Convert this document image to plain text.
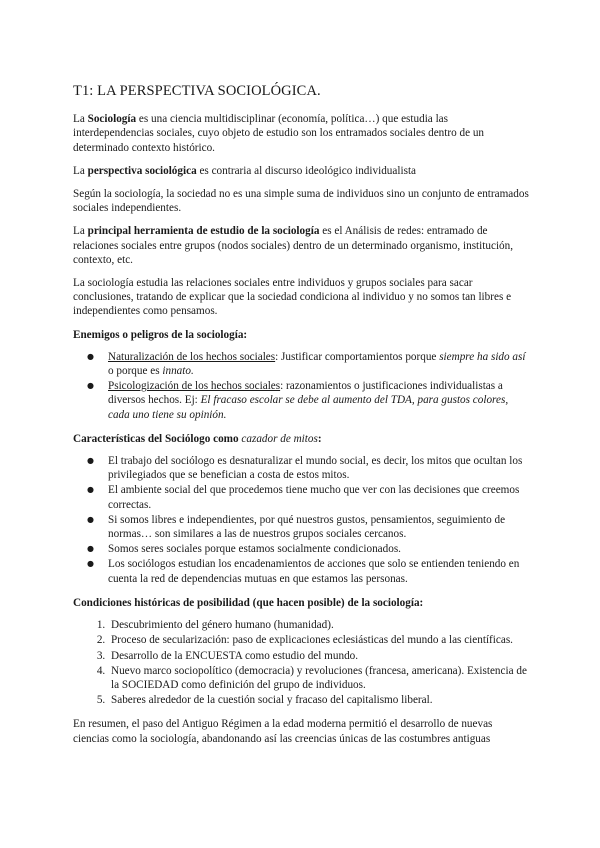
T1: LA PERSPECTIVA SOCIOLÓGICA.

La Sociología es una ciencia multidisciplinar (economía, política…) que estudia las interdependencias sociales, cuyo objeto de estudio son los entramados sociales dentro de un determinado contexto histórico.

La perspectiva sociológica es contraria al discurso ideológico individualista

Según la sociología, la sociedad no es una simple suma de individuos sino un conjunto de entramados sociales independientes.

La principal herramienta de estudio de la sociología es el Análisis de redes: entramado de relaciones sociales entre grupos (nodos sociales) dentro de un determinado organismo, institución, contexto, etc.

La sociología estudia las relaciones sociales entre individuos y grupos sociales para sacar conclusiones, tratando de explicar que la sociedad condiciona al individuo y no somos tan libres e independientes como pensamos.

Enemigos o peligros de la sociología:
● Naturalización de los hechos sociales: Justificar comportamientos porque siempre ha sido así o porque es innato.
● Psicologización de los hechos sociales: razonamientos o justificaciones individualistas a diversos hechos. Ej: El fracaso escolar se debe al aumento del TDA, para gustos colores, cada uno tiene su opinión.
Características del Sociólogo como cazador de mitos:
● El trabajo del sociólogo es desnaturalizar el mundo social, es decir, los mitos que ocultan los privilegiados que se benefician a costa de estos mitos.
● El ambiente social del que procedemos tiene mucho que ver con las decisiones que creemos correctas.
● Si somos libres e independientes, por qué nuestros gustos, pensamientos, seguimiento de normas… son similares a las de nuestros grupos sociales cercanos.
● Somos seres sociales porque estamos socialmente condicionados.
● Los sociólogos estudian los encadenamientos de acciones que solo se entienden teniendo en cuenta la red de dependencias mutuas en que estamos las personas.
Condiciones históricas de posibilidad (que hacen posible) de la sociología:
1. Descubrimiento del género humano (humanidad).
2. Proceso de secularización: paso de explicaciones eclesiásticas del mundo a las científicas.
3. Desarrollo de la ENCUESTA como estudio del mundo.
4. Nuevo marco sociopolítico (democracia) y revoluciones (francesa, americana). Existencia de la SOCIEDAD como definición del grupo de individuos.
5. Saberes alrededor de la cuestión social y fracaso del capitalismo liberal.

En resumen, el paso del Antiguo Régimen a la edad moderna permitió el desarrollo de nuevas ciencias como la sociología, abandonando así las creencias únicas de las costumbres antiguas
